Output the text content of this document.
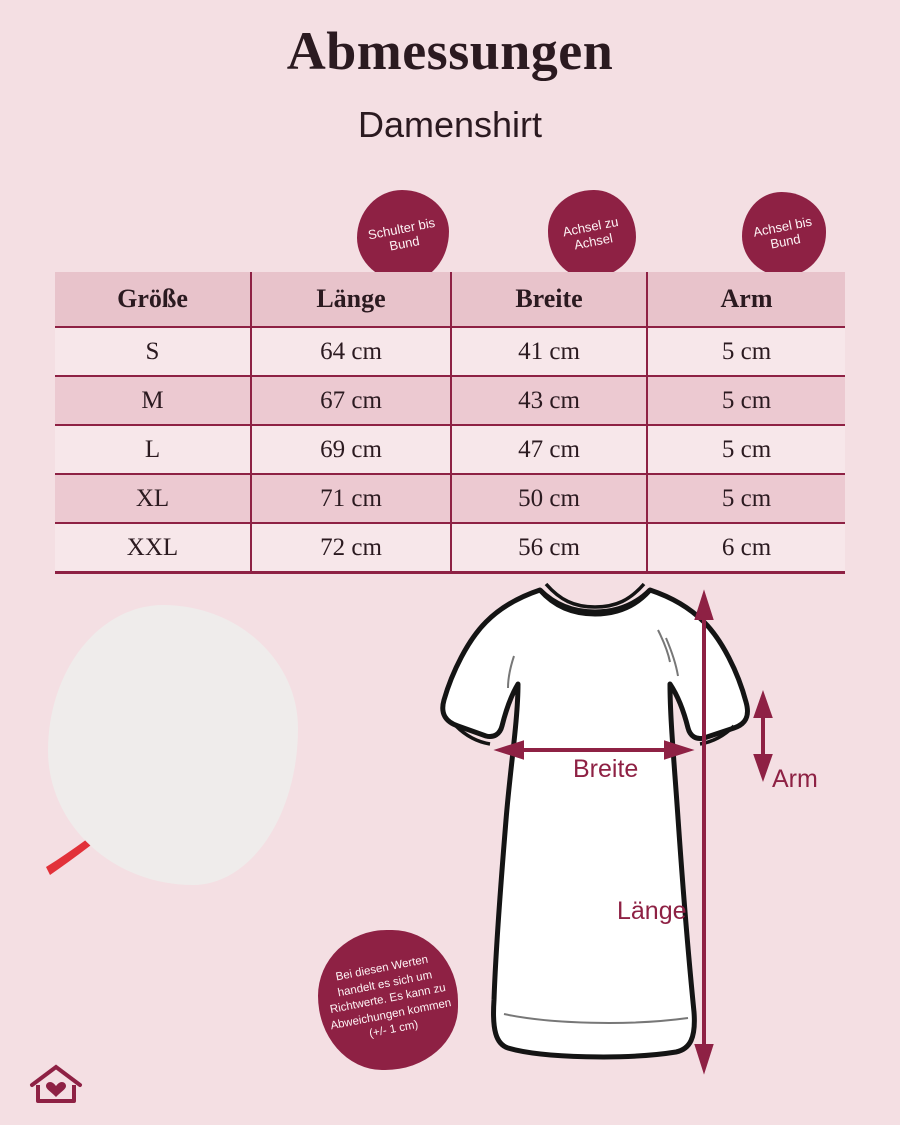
Abmessungen
Damenshirt
Schulter bis Bund
Achsel zu Achsel
Achsel bis Bund
Größe	Länge	Breite	Arm
S	64 cm	41 cm	5 cm
M	67 cm	43 cm	5 cm
L	69 cm	47 cm	5 cm
XL	71 cm	50 cm	5 cm
XXL	72 cm	56 cm	6 cm
Breite	Arm
Länge
Bei diesen Werten handelt es sich um Richtwerte. Es kann zu Abweichungen kommen (+/- 1 cm)
